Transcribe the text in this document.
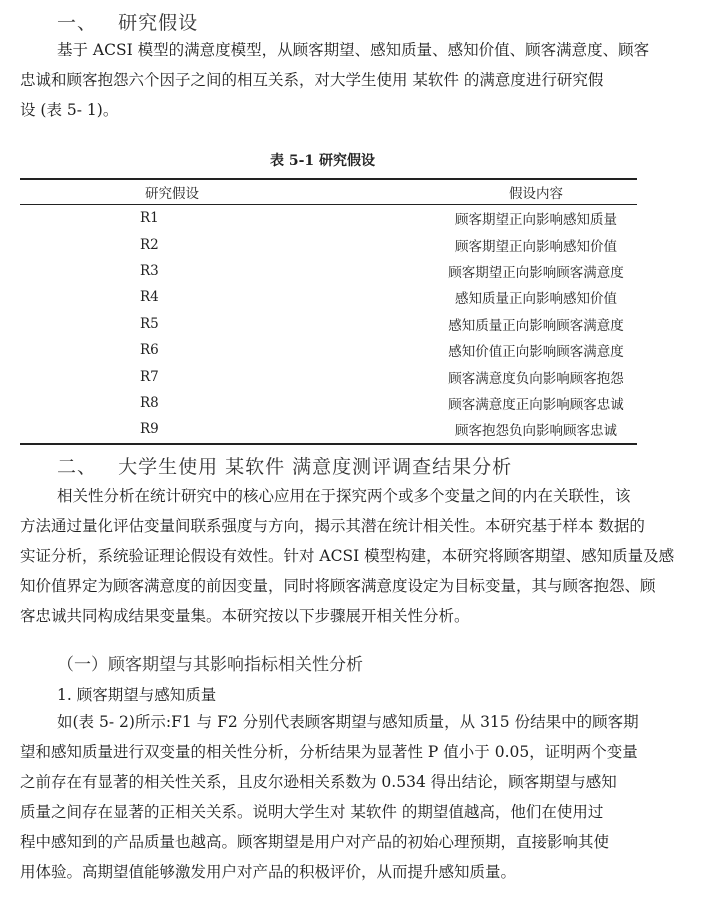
一、 研究假设
基于 ACSI 模型的满意度模型，从顾客期望、感知质量、感知价值、顾客满意度、顾客
忠诚和顾客抱怨六个因子之间的相互关系，对大学生使用 某软件 的满意度进行研究假
设 (表 5- 1)。
表 5-1 研究假设
研究假设	假设内容
R1	顾客期望正向影响感知质量
R2	顾客期望正向影响感知价值
R3	顾客期望正向影响顾客满意度
R4	感知质量正向影响感知价值
R5	感知质量正向影响顾客满意度
R6	感知价值正向影响顾客满意度
R7	顾客满意度负向影响顾客抱怨
R8	顾客满意度正向影响顾客忠诚
R9	顾客抱怨负向影响顾客忠诚
二、 大学生使用 某软件 满意度测评调查结果分析
相关性分析在统计研究中的核心应用在于探究两个或多个变量之间的内在关联性，该
方法通过量化评估变量间联系强度与方向，揭示其潜在统计相关性。本研究基于样本 数据的
实证分析，系统验证理论假设有效性。针对 ACSI 模型构建，本研究将顾客期望、感知质量及感
知价值界定为顾客满意度的前因变量，同时将顾客满意度设定为目标变量，其与顾客抱怨、顾
客忠诚共同构成结果变量集。本研究按以下步骤展开相关性分析。
（一）顾客期望与其影响指标相关性分析
1. 顾客期望与感知质量
如(表 5- 2)所示:F1 与 F2 分别代表顾客期望与感知质量，从 315 份结果中的顾客期
望和感知质量进行双变量的相关性分析，分析结果为显著性 P 值小于 0.05，证明两个变量
之前存在有显著的相关性关系，且皮尔逊相关系数为 0.534 得出结论，顾客期望与感知
质量之间存在显著的正相关关系。说明大学生对 某软件 的期望值越高，他们在使用过
程中感知到的产品质量也越高。顾客期望是用户对产品的初始心理预期，直接影响其使
用体验。高期望值能够激发用户对产品的积极评价，从而提升感知质量。
